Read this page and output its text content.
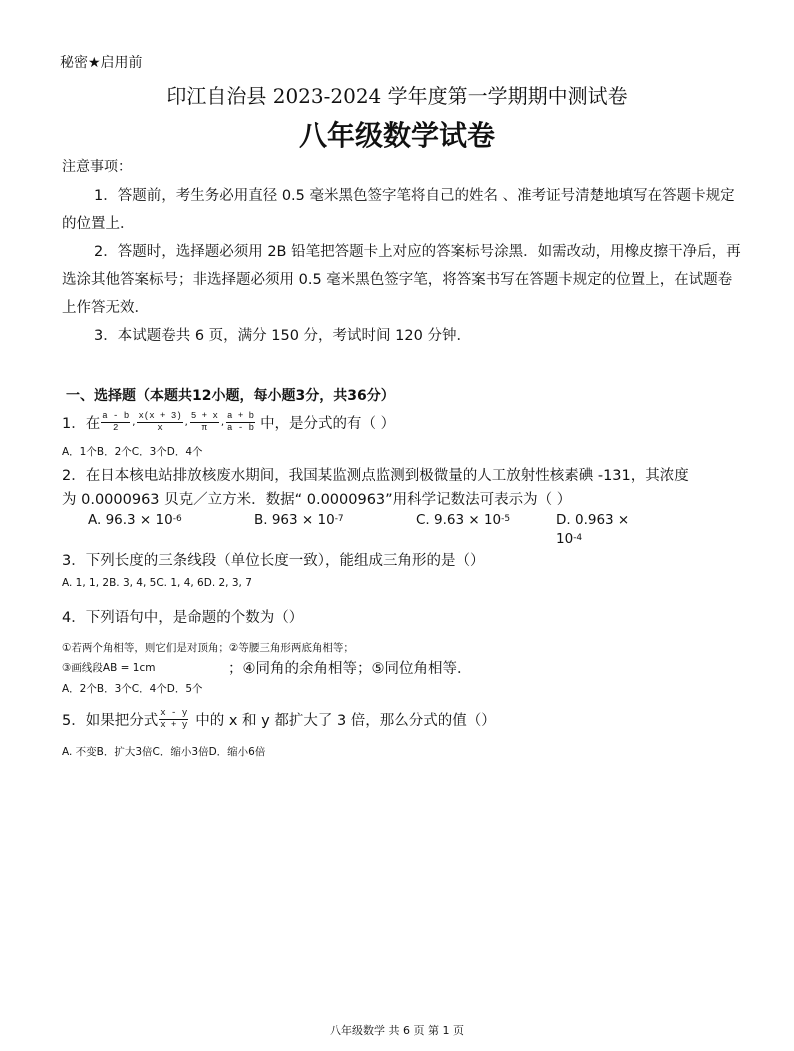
秘密★启用前
印江自治县 2023-2024 学年度第一学期期中测试卷
八年级数学试卷
注意事项：
1．答题前，考生务必用直径 0.5 毫米黑色签字笔将自己的姓名 、准考证号清楚地填写在答题卡规定的位置上．
2．答题时，选择题必须用 2B 铅笔把答题卡上对应的答案标号涂黑．如需改动，用橡皮擦干净后，再选涂其他答案标号；非选择题必须用 0.5 毫米黑色签字笔，将答案书写在答题卡规定的位置上，在试题卷上作答无效．
3．本试题卷共 6 页，满分 150 分，考试时间 120 分钟．
一、选择题（本题共12小题，每小题3分，共36分）
1．在 $\frac{a - b}{2}$ , $\frac{x(x + 3)}{x}$ , $\frac{5 + x}{\pi}$ , $\frac{a + b}{a - b}$ 中，是分式的有（ ）
A．1个B．2个C．3个D．4个
2．在日本核电站排放核废水期间，我国某监测点监测到极微量的人工放射性核素碘 -131，其浓度
为 0.0000963 贝克／立方米．数据“ 0.0000963”用科学记数法可表示为（ ）
A. $96.3 \times 10^{-6}$	B. $963 \times 10^{-7}$	C. $9.63 \times 10^{-5}$	D. 0.963 ×
$10^{-4}$
3．下列长度的三条线段（单位长度一致），能组成三角形的是（）
A. 1, 1, 2B. 3, 4, 5C. 1, 4, 6D. 2, 3, 7
4．下列语句中，是命题的个数为（）
①若两个角相等，则它们是对顶角；②等腰三角形两底角相等；
③画线段AB = 1cm	；④同角的余角相等；⑤同位角相等．
A．2个B．3个C．4个D．5个
5．如果把分式 $\frac{x - y}{x + y}$ 中的 x 和 y 都扩大了 3 倍，那么分式的值（）
A. 不变B．扩大3倍C．缩小3倍D．缩小6倍
八年级数学 共 6 页 第 1 页
